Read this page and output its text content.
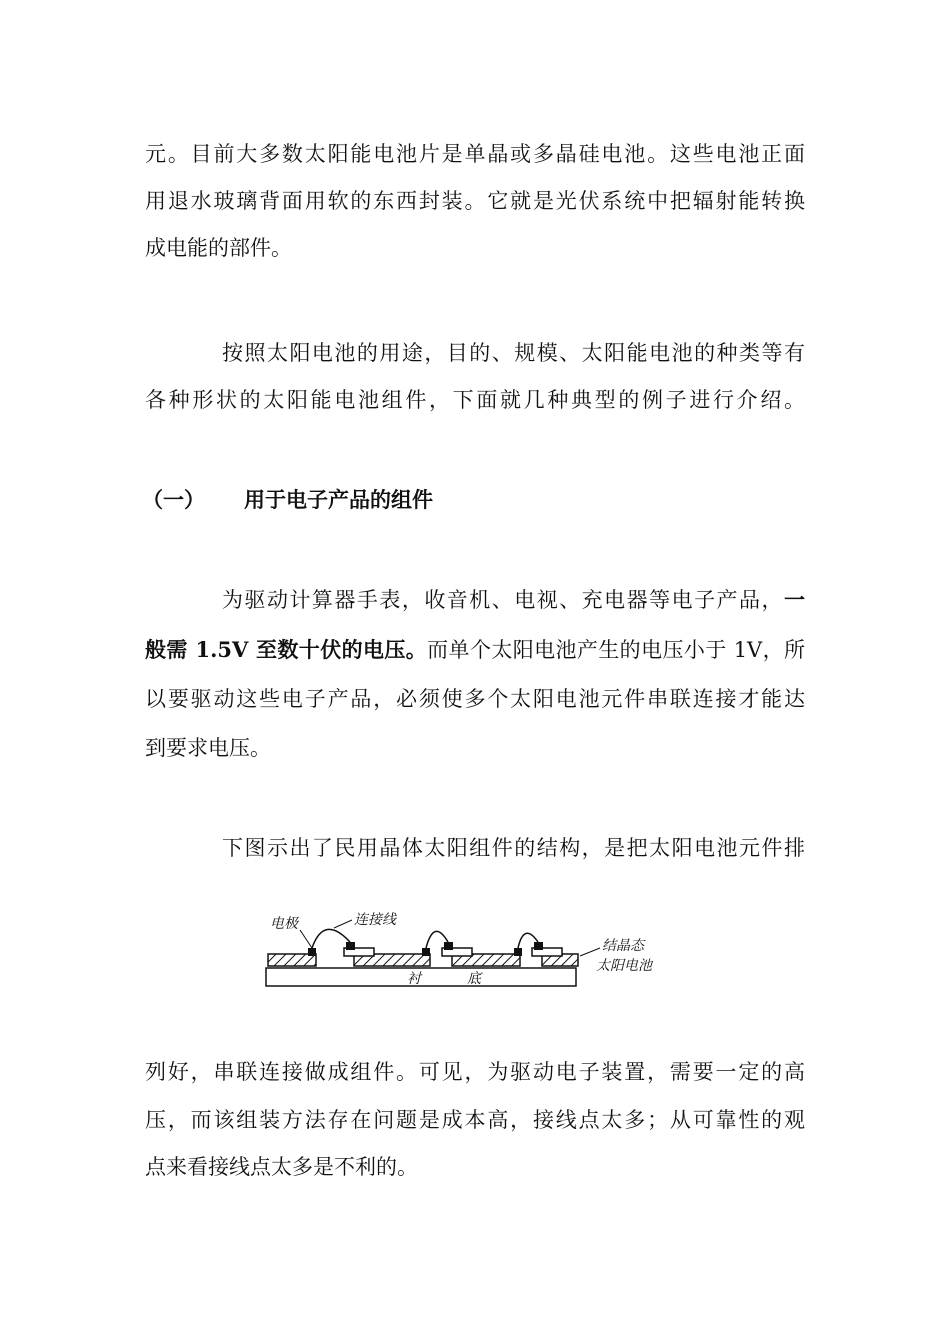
元。目前大多数太阳能电池片是单晶或多晶硅电池。这些电池正面
用退水玻璃背面用软的东西封装。它就是光伏系统中把辐射能转换
成电能的部件。
按照太阳电池的用途，目的、规模、太阳能电池的种类等有
各种形状的太阳能电池组件，下面就几种典型的例子进行介绍。
（一） 用于电子产品的组件
为驱动计算器手表，收音机、电视、充电器等电子产品，一
般需 1.5V 至数十伏的电压。而单个太阳电池产生的电压小于 1V，所
以要驱动这些电子产品，必须使多个太阳电池元件串联连接才能达
到要求电压。
下图示出了民用晶体太阳组件的结构，是把太阳电池元件排
衬	底
电极	连接线
结晶态
太阳电池
列好，串联连接做成组件。可见，为驱动电子装置，需要一定的高
压，而该组装方法存在问题是成本高，接线点太多；从可靠性的观
点来看接线点太多是不利的。
